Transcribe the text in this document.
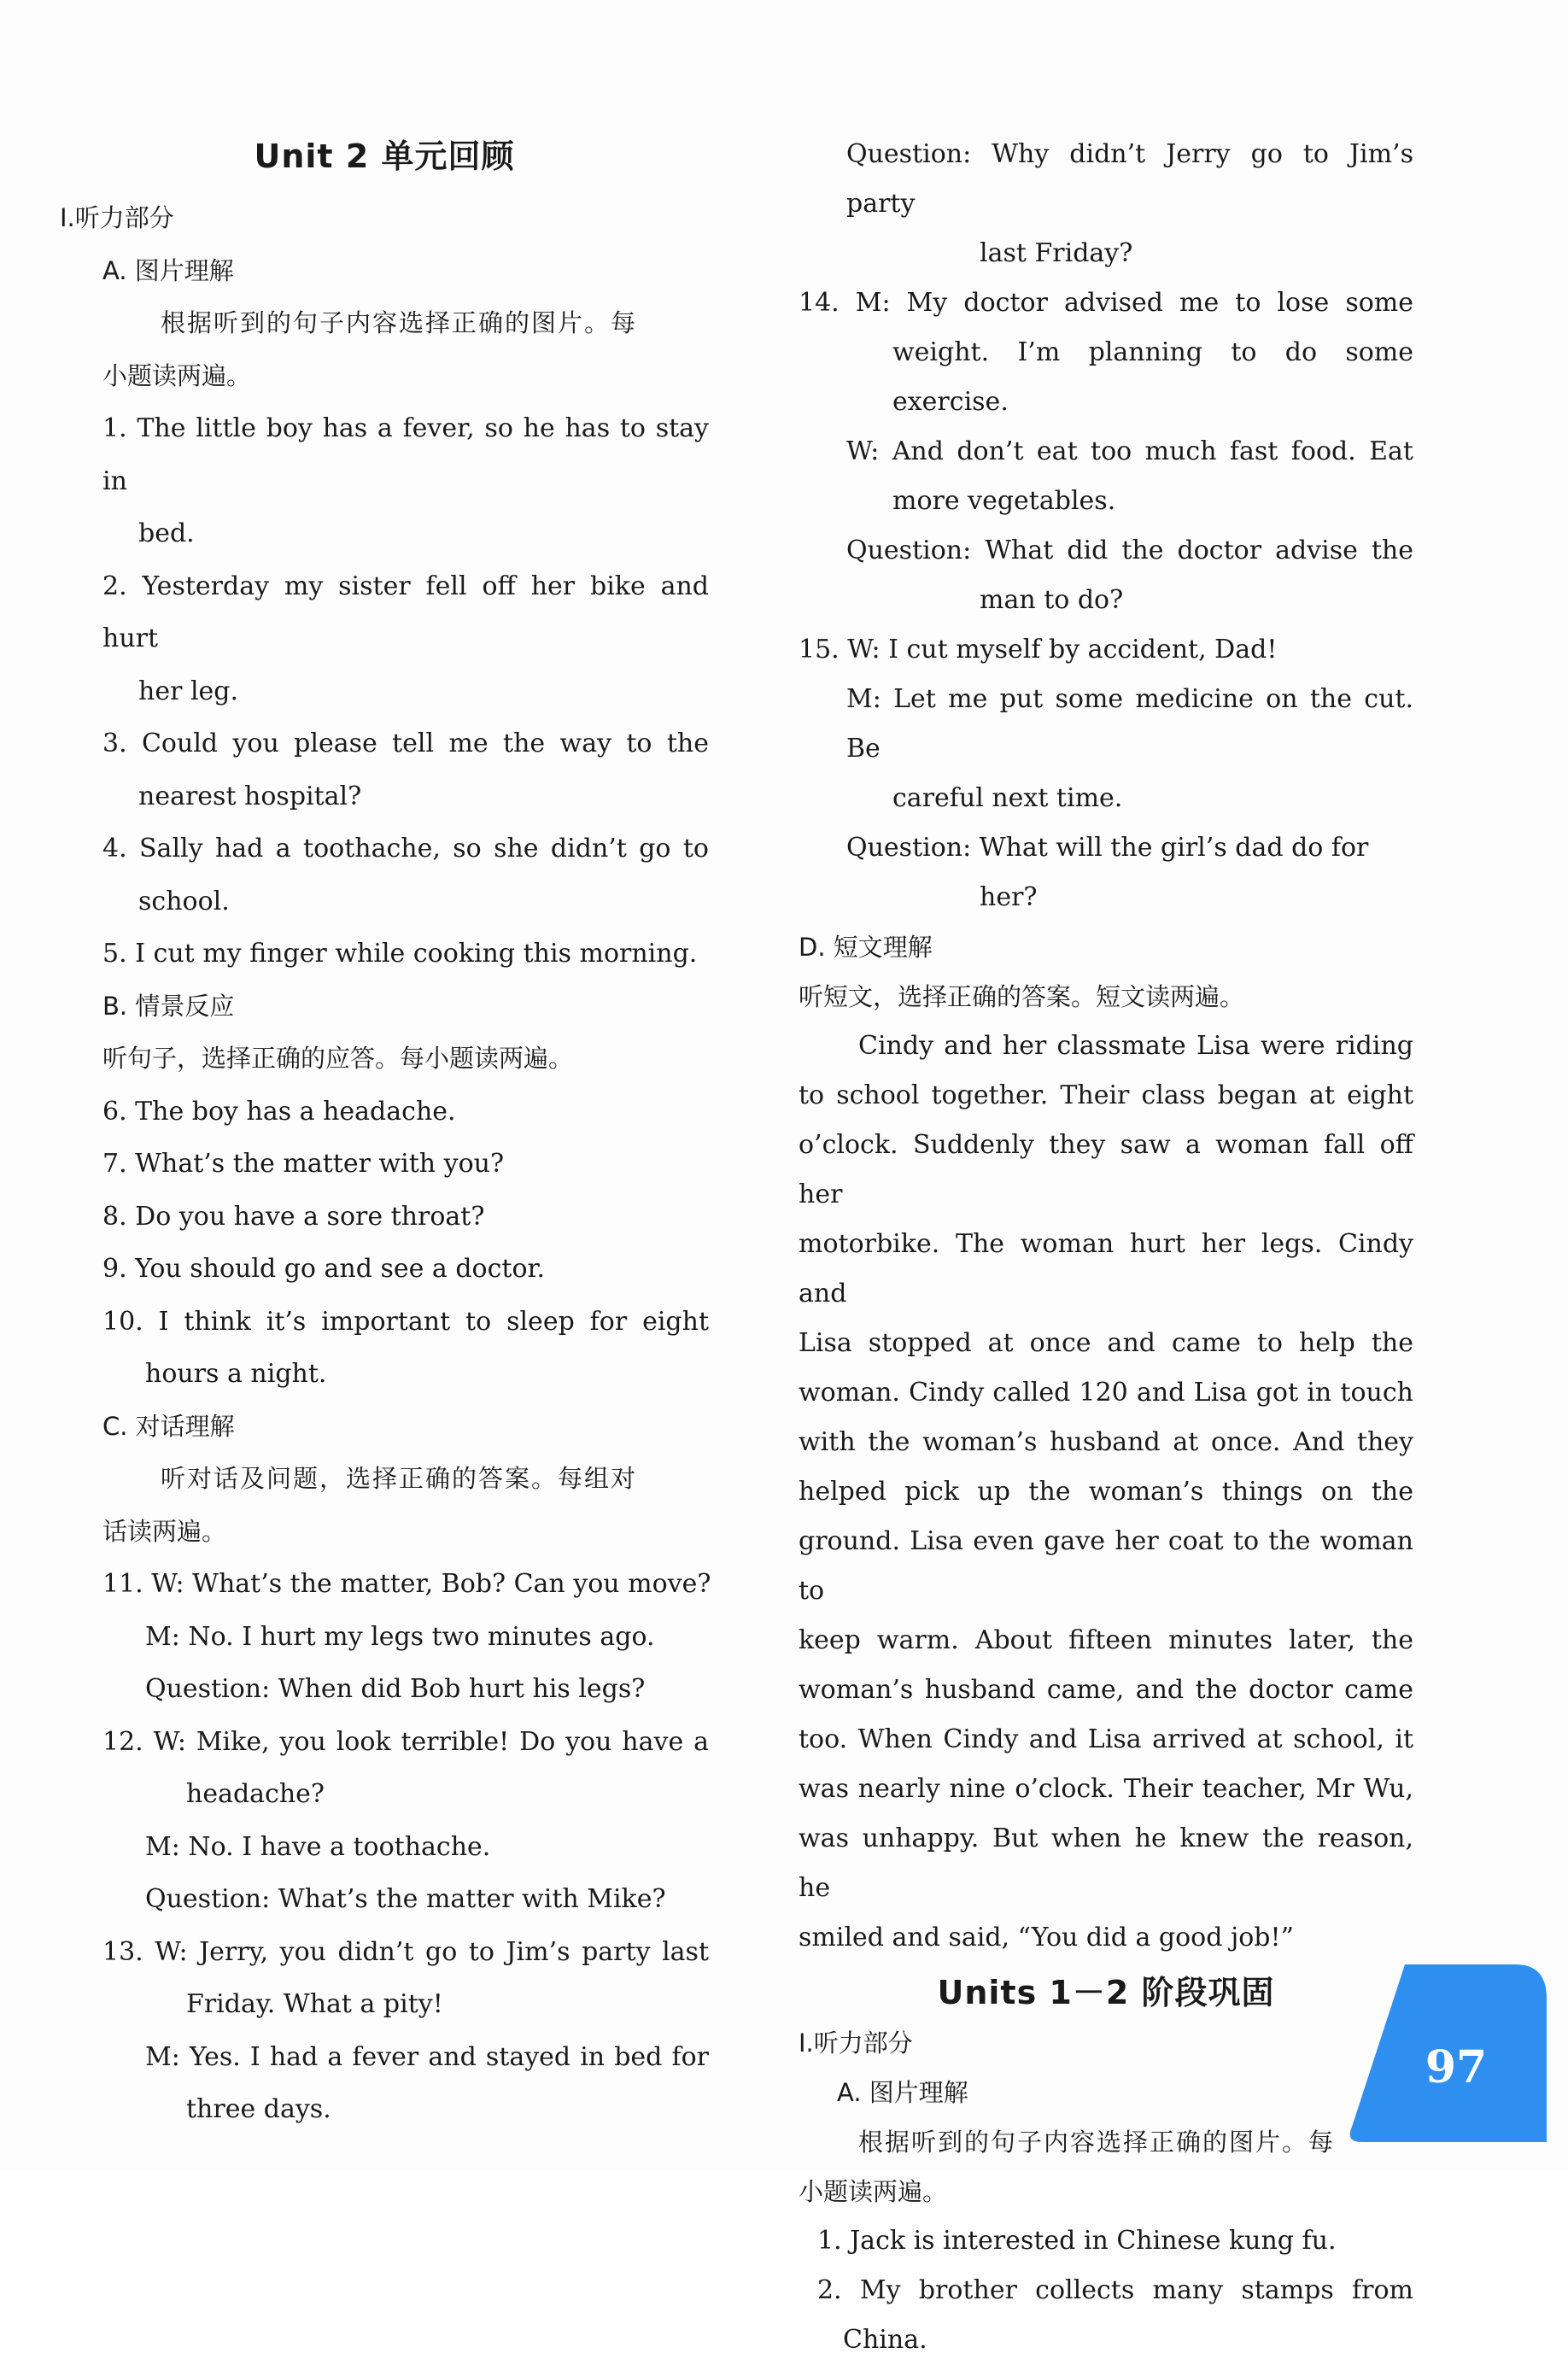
Unit 2 单元回顾
Ⅰ.听力部分
A. 图片理解
根据听到的句子内容选择正确的图片。每
小题读两遍。
1. The little boy has a fever, so he has to stay in
bed.
2. Yesterday my sister fell off her bike and hurt
her leg.
3. Could you please tell me the way to the
nearest hospital?
4. Sally had a toothache, so she didn’t go to
school.
5. I cut my finger while cooking this morning.
B. 情景反应
听句子，选择正确的应答。每小题读两遍。
6. The boy has a headache.
7. What’s the matter with you?
8. Do you have a sore throat?
9. You should go and see a doctor.
10. I think it’s important to sleep for eight
hours a night.
C. 对话理解
听对话及问题，选择正确的答案。每组对
话读两遍。
11. W: What’s the matter, Bob? Can you move?
M: No. I hurt my legs two minutes ago.
Question: When did Bob hurt his legs?
12. W: Mike, you look terrible! Do you have a
headache?
M: No. I have a toothache.
Question: What’s the matter with Mike?
13. W: Jerry, you didn’t go to Jim’s party last
Friday. What a pity!
M: Yes. I had a fever and stayed in bed for
three days.
Question: Why didn’t Jerry go to Jim’s party
last Friday?
14. M: My doctor advised me to lose some
weight. I’m planning to do some exercise.
W: And don’t eat too much fast food. Eat
more vegetables.
Question: What did the doctor advise the
man to do?
15. W: I cut myself by accident, Dad!
M: Let me put some medicine on the cut. Be
careful next time.
Question: What will the girl’s dad do for
her?
D. 短文理解
听短文，选择正确的答案。短文读两遍。
Cindy and her classmate Lisa were riding
to school together. Their class began at eight
o’clock. Suddenly they saw a woman fall off her
motorbike. The woman hurt her legs. Cindy and
Lisa stopped at once and came to help the
woman. Cindy called 120 and Lisa got in touch
with the woman’s husband at once. And they
helped pick up the woman’s things on the
ground. Lisa even gave her coat to the woman to
keep warm. About fifteen minutes later, the
woman’s husband came, and the doctor came
too. When Cindy and Lisa arrived at school, it
was nearly nine o’clock. Their teacher, Mr Wu,
was unhappy. But when he knew the reason, he
smiled and said, “You did a good job!”
Units 1－2 阶段巩固
Ⅰ.听力部分
A. 图片理解
根据听到的句子内容选择正确的图片。每
小题读两遍。
1. Jack is interested in Chinese kung fu.
2. My brother collects many stamps from
China.
97
